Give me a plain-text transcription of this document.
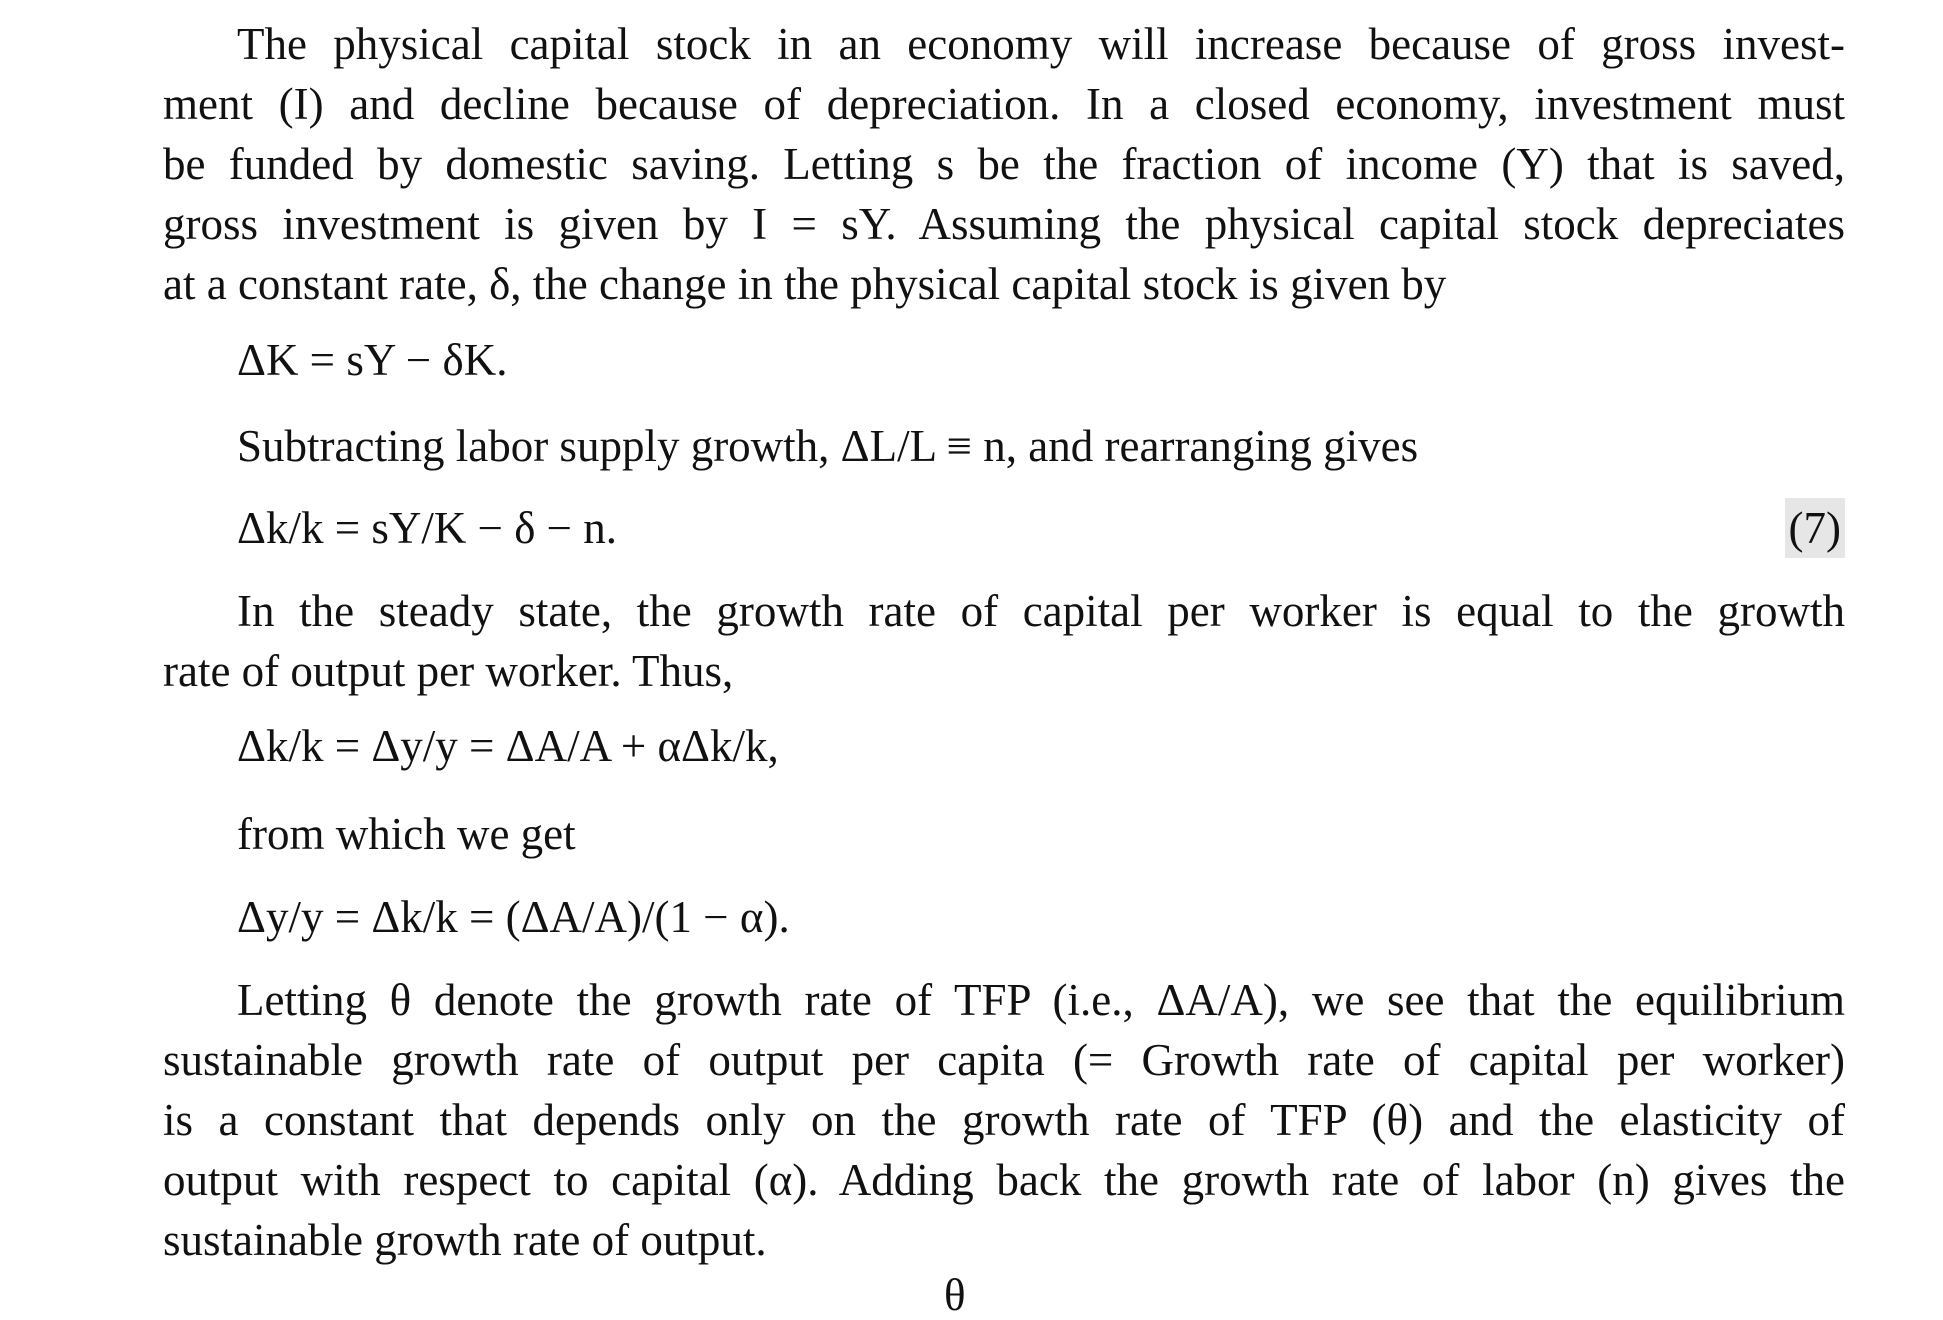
The physical capital stock in an economy will increase because of gross invest-
ment (I) and decline because of depreciation. In a closed economy, investment must
be funded by domestic saving. Letting s be the fraction of income (Y) that is saved,
gross investment is given by I = sY. Assuming the physical capital stock depreciates
at a constant rate, δ, the change in the physical capital stock is given by
ΔK = sY − δK.
Subtracting labor supply growth, ΔL/L ≡ n, and rearranging gives
Δk/k = sY/K − δ − n.	(7)
In the steady state, the growth rate of capital per worker is equal to the growth
rate of output per worker. Thus,
Δk/k = Δy/y = ΔA/A + αΔk/k,
from which we get
Δy/y = Δk/k = (ΔA/A)/(1 − α).
Letting θ denote the growth rate of TFP (i.e., ΔA/A), we see that the equilibrium
sustainable growth rate of output per capita (= Growth rate of capital per worker)
is a constant that depends only on the growth rate of TFP (θ) and the elasticity of
output with respect to capital (α). Adding back the growth rate of labor (n) gives the
sustainable growth rate of output.
θ
